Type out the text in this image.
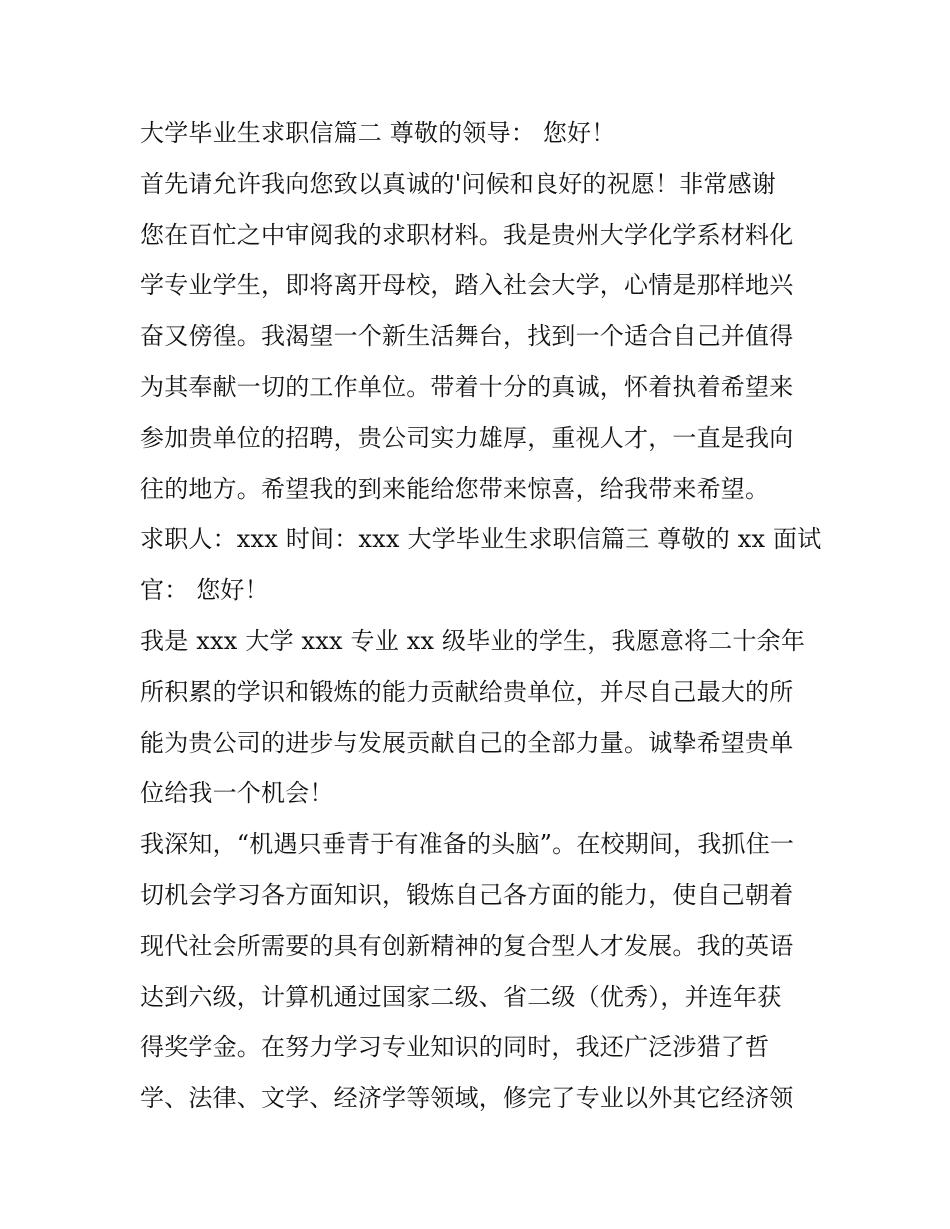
大学毕业生求职信篇二 尊敬的领导： 您好！
首先请允许我向您致以真诚的'问候和良好的祝愿！非常感谢
您在百忙之中审阅我的求职材料。我是贵州大学化学系材料化
学专业学生，即将离开母校，踏入社会大学，心情是那样地兴
奋又傍徨。我渴望一个新生活舞台，找到一个适合自己并值得
为其奉献一切的工作单位。带着十分的真诚，怀着执着希望来
参加贵单位的招聘，贵公司实力雄厚，重视人才，一直是我向
往的地方。希望我的到来能给您带来惊喜，给我带来希望。
求职人：xxx 时间：xxx 大学毕业生求职信篇三 尊敬的 xx 面试
官： 您好！
我是 xxx 大学 xxx 专业 xx 级毕业的学生，我愿意将二十余年
所积累的学识和锻炼的能力贡献给贵单位，并尽自己最大的所
能为贵公司的进步与发展贡献自己的全部力量。诚挚希望贵单
位给我一个机会！
我深知，“机遇只垂青于有准备的头脑”。在校期间，我抓住一
切机会学习各方面知识，锻炼自己各方面的能力，使自己朝着
现代社会所需要的具有创新精神的复合型人才发展。我的英语
达到六级，计算机通过国家二级、省二级（优秀），并连年获
得奖学金。在努力学习专业知识的同时，我还广泛涉猎了哲
学、法律、文学、经济学等领域，修完了专业以外其它经济领
